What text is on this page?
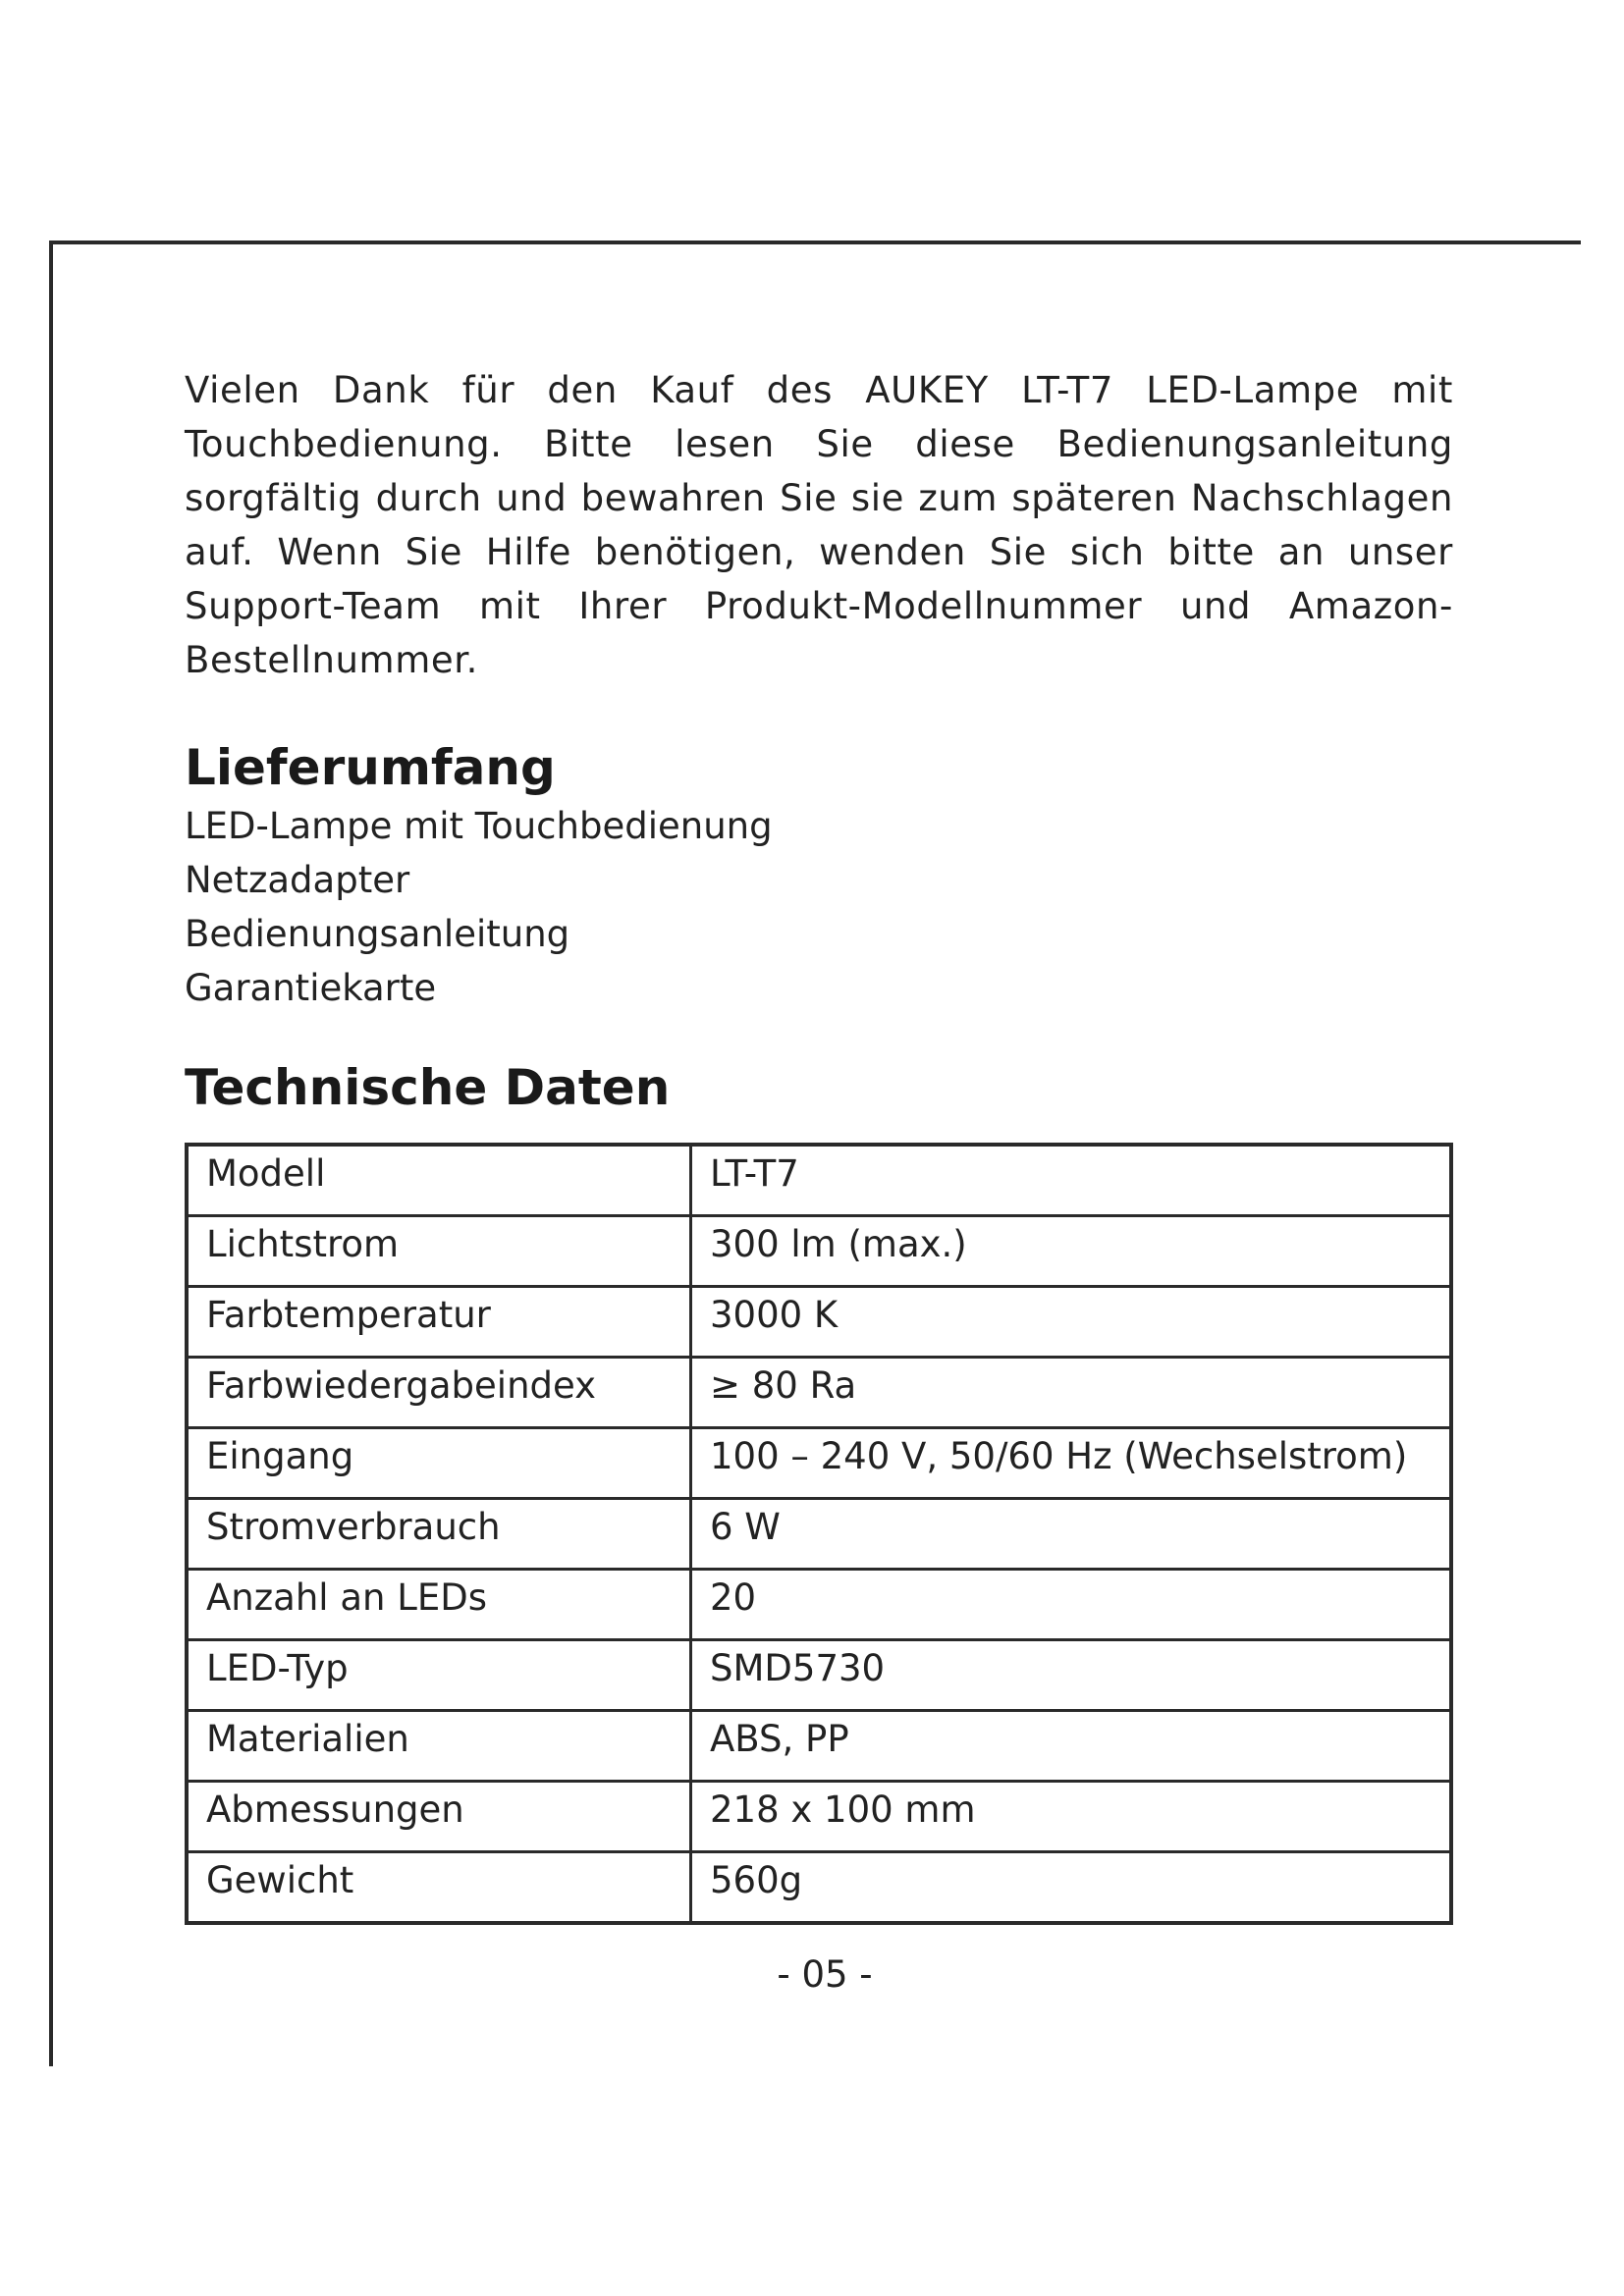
Vielen Dank für den Kauf des AUKEY LT-T7 LED-Lampe mit Touchbedienung. Bitte lesen Sie diese Bedienungsanleitung sorgfältig durch und bewahren Sie sie zum späteren Nachschlagen auf. Wenn Sie Hilfe benötigen, wenden Sie sich bitte an unser Support-Team mit Ihrer Produkt-Modellnummer und Amazon-Bestellnummer.

Lieferumfang
LED-Lampe mit Touchbedienung
Netzadapter
Bedienungsanleitung
Garantiekarte
Technische Daten
Modell	LT-T7
Lichtstrom	300 lm (max.)
Farbtemperatur	3000 K
Farbwiedergabeindex	≥ 80 Ra
Eingang	100 – 240 V, 50/60 Hz (Wechselstrom)
Stromverbrauch	6 W
Anzahl an LEDs	20
LED-Typ	SMD5730
Materialien	ABS, PP
Abmessungen	218 x 100 mm
Gewicht	560g
- 05 -
